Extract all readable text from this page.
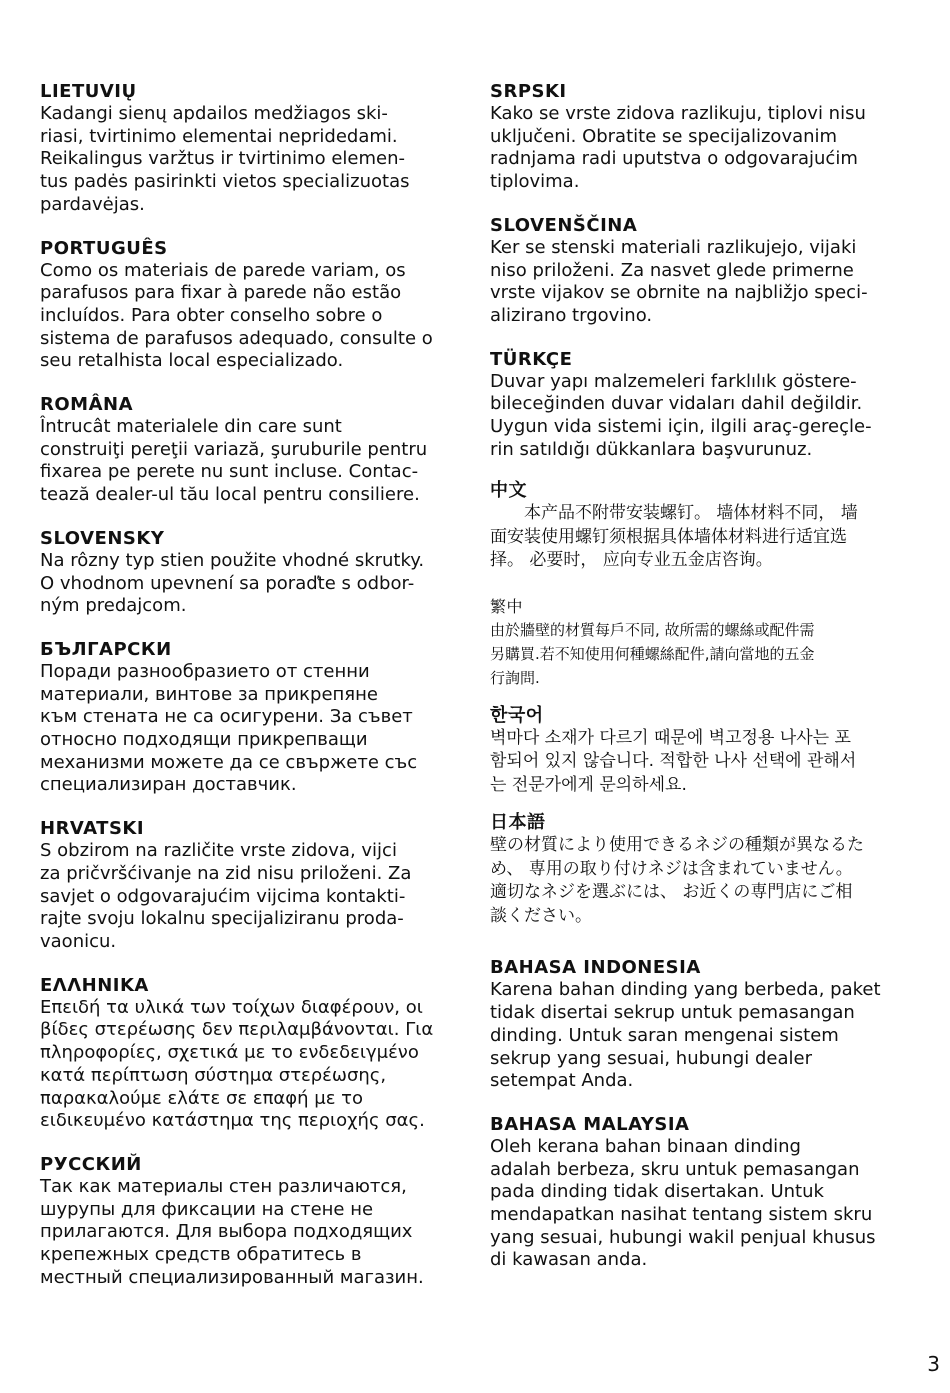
LIETUVIŲ
Kadangi sienų apdailos medžiagos ski-
riasi, tvirtinimo elementai nepridedami.
Reikalingus varžtus ir tvirtinimo elemen-
tus padės pasirinkti vietos specializuotas
pardavėjas.
PORTUGUÊS
Como os materiais de parede variam, os
parafusos para fixar à parede não estão
incluídos. Para obter conselho sobre o
sistema de parafusos adequado, consulte o
seu retalhista local especializado.
ROMÂNA
Întrucât materialele din care sunt
construiţi pereţii variază, şuruburile pentru
fixarea pe perete nu sunt incluse. Contac-
tează dealer-ul tău local pentru consiliere.
SLOVENSKY
Na rôzny typ stien použite vhodné skrutky.
O vhodnom upevnení sa poraďte s odbor-
ným predajcom.
БЪЛГАРСКИ
Поради разнообразието от стенни
материали, винтове за прикрепяне
към стената не са осигурени. За съвет
относно подходящи прикрепващи
механизми можете да се свържете със
специализиран доставчик.
HRVATSKI
S obzirom na različite vrste zidova, vijci
za pričvršćivanje na zid nisu priloženi. Za
savjet o odgovarajućim vijcima kontakti-
rajte svoju lokalnu specijaliziranu proda-
vaonicu.
ΕΛΛΗΝΙΚΑ
Επειδή τα υλικά των τοίχων διαφέρουν, οι
βίδες στερέωσης δεν περιλαμβάνονται. Για
πληροφορίες, σχετικά με το ενδεδειγμένο
κατά περίπτωση σύστημα στερέωσης,
παρακαλούμε ελάτε σε επαφή με το
ειδικευμένο κατάστημα της περιοχής σας.
РУССКИЙ
Так как материалы стен различаются,
шурупы для фиксации на стене не
прилагаются. Для выбора подходящих
крепежных средств обратитесь в
местный специализированный магазин.
SRPSKI
Kako se vrste zidova razlikuju, tiplovi nisu
uključeni. Obratite se specijalizovanim
radnjama radi uputstva o odgovarajućim
tiplovima.
SLOVENŠČINA
Ker se stenski materiali razlikujejo, vijaki
niso priloženi. Za nasvet glede primerne
vrste vijakov se obrnite na najbližjo speci-
alizirano trgovino.
TÜRKÇE
Duvar yapı malzemeleri farklılık göstere-
bileceğinden duvar vidaları dahil değildir.
Uygun vida sistemi için, ilgili araç-gereçle-
rin satıldığı dükkanlara başvurunuz.
中文
　　本产品不附带安装螺钉。 墙体材料不同， 墙
面安装使用螺钉须根据具体墙体材料进行适宜选
择。 必要时， 应向专业五金店咨询。
繁中
由於牆壁的材質每戶不同, 故所需的螺絲或配件需
另購買.若不知使用何種螺絲配件,請向當地的五金
行詢問.
한국어
벽마다 소재가 다르기 때문에 벽고정용 나사는 포
함되어 있지 않습니다. 적합한 나사 선택에 관해서
는 전문가에게 문의하세요.
日本語
壁の材質により使用できるネジの種類が異なるた
め、 専用の取り付けネジは含まれていません。
適切なネジを選ぶには、 お近くの専門店にご相
談ください。
BAHASA INDONESIA
Karena bahan dinding yang berbeda, paket
tidak disertai sekrup untuk pemasangan
dinding. Untuk saran mengenai sistem
sekrup yang sesuai, hubungi dealer
setempat Anda.
BAHASA MALAYSIA
Oleh kerana bahan binaan dinding
adalah berbeza, skru untuk pemasangan
pada dinding tidak disertakan. Untuk
mendapatkan nasihat tentang sistem skru
yang sesuai, hubungi wakil penjual khusus
di kawasan anda.
3
